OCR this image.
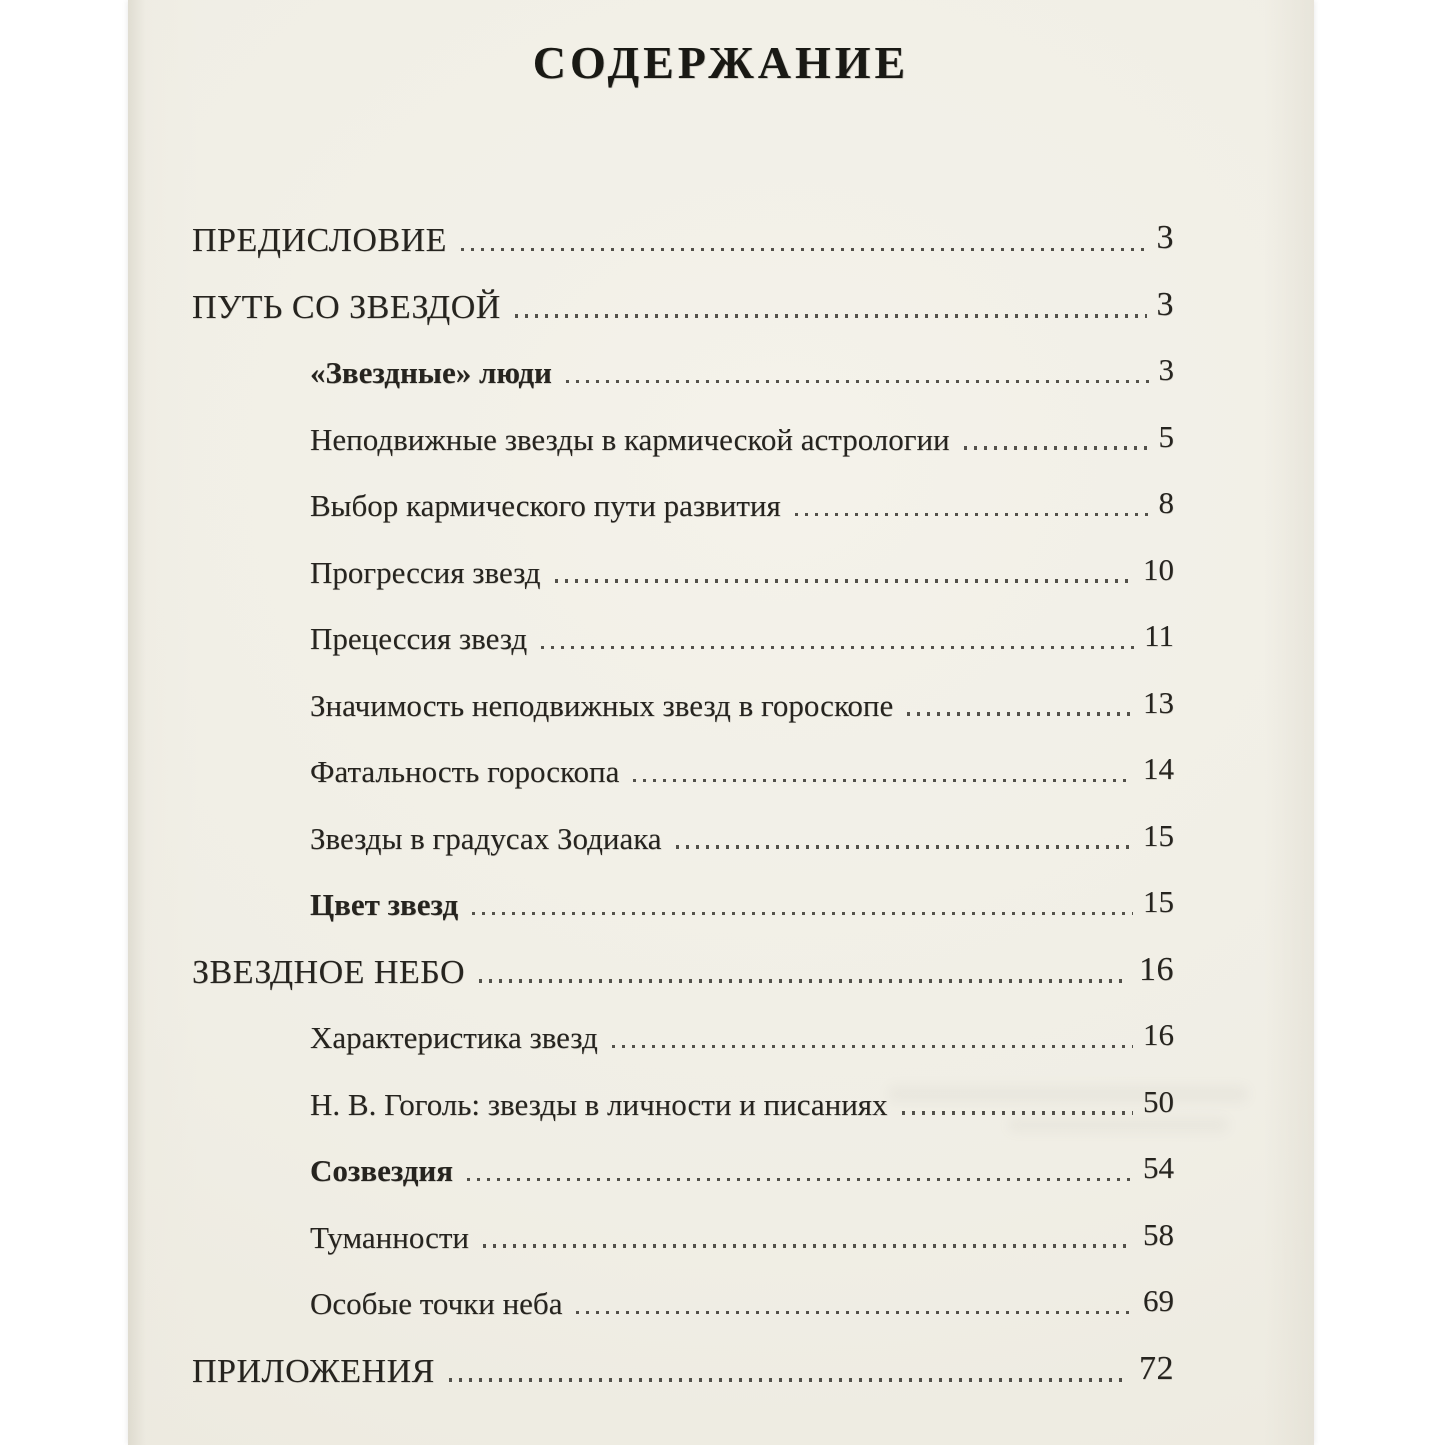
СОДЕРЖАНИЕ
ПРЕДИСЛОВИЕ	3
ПУТЬ СО ЗВЕЗДОЙ	3
«Звездные» люди	3
Неподвижные звезды в кармической астрологии	5
Выбор кармического пути развития	8
Прогрессия звезд	10
Прецессия звезд	11
Значимость неподвижных звезд в гороскопе	13
Фатальность гороскопа	14
Звезды в градусах Зодиака	15
Цвет звезд	15
ЗВЕЗДНОЕ НЕБО	16
Характеристика звезд	16
Н. В. Гоголь: звезды в личности и писаниях	50
Созвездия	54
Туманности	58
Особые точки неба	69
ПРИЛОЖЕНИЯ	72
